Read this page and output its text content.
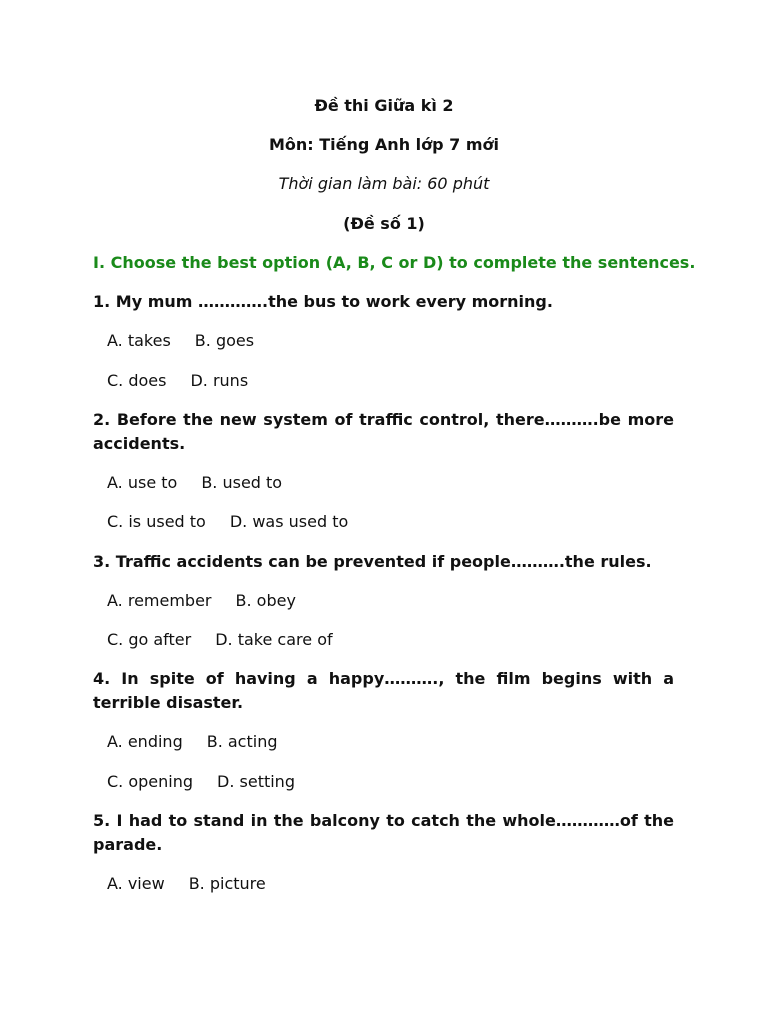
Đề thi Giữa kì 2
Môn: Tiếng Anh lớp 7 mới
Thời gian làm bài: 60 phút
(Đề số 1)
I. Choose the best option (A, B, C or D) to complete the sentences.
1. My mum ………….the bus to work every morning.
A. takes B. goes
C. does D. runs
2. Before the new system of traffic control, there……….be more accidents.
A. use to B. used to
C. is used to D. was used to
3. Traffic accidents can be prevented if people……….the rules.
A. remember B. obey
C. go after D. take care of
4. In spite of having a happy………., the film begins with a terrible disaster.
A. ending B. acting
C. opening D. setting
5. I had to stand in the balcony to catch the whole…………of the parade.
A. view B. picture
